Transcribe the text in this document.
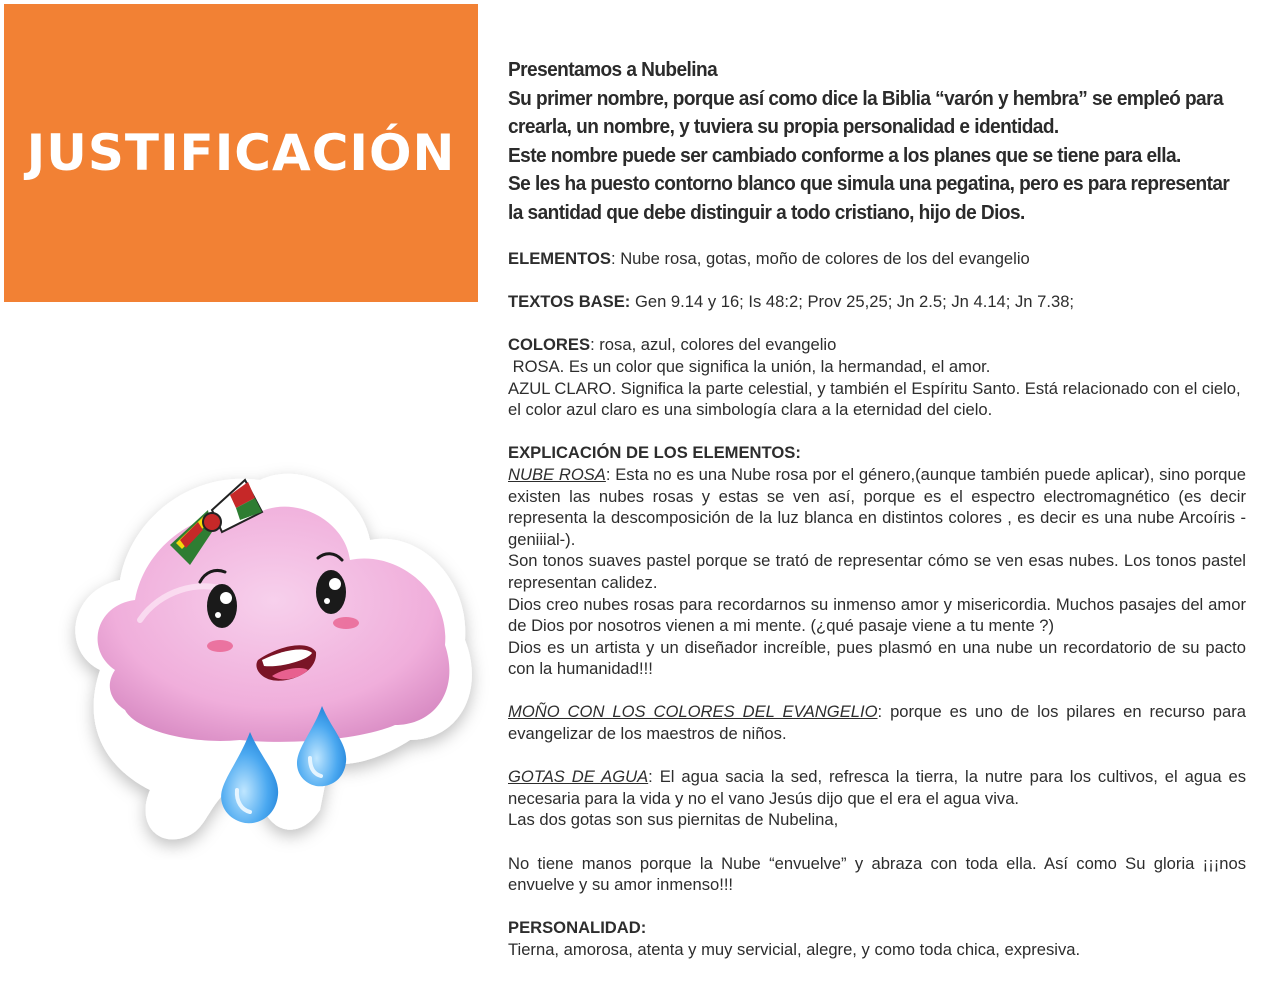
JUSTIFICACIÓN

Presentamos a Nubelina

Su primer nombre, porque así como dice la Biblia “varón y hembra” se empleó para

crearla, un nombre, y tuviera su propia personalidad e identidad.

Este nombre puede ser cambiado conforme a los planes que se tiene para ella.

Se les ha puesto contorno blanco que simula una pegatina, pero es para representar

la santidad que debe distinguir a todo cristiano, hijo de Dios.

ELEMENTOS: Nube rosa, gotas, moño de colores de los del evangelio

TEXTOS BASE: Gen 9.14 y 16; Is 48:2; Prov 25,25; Jn 2.5; Jn 4.14; Jn 7.38;

COLORES: rosa, azul, colores del evangelio

ROSA. Es un color que significa la unión, la hermandad, el amor.

AZUL CLARO. Significa la parte celestial, y también el Espíritu Santo. Está relacionado con el cielo, el color azul claro es una simbología clara a la eternidad del cielo.

EXPLICACIÓN DE LOS ELEMENTOS:

NUBE ROSA: Esta no es una Nube rosa por el género,(aunque también puede aplicar), sino porque existen las nubes rosas y estas se ven así, porque es el espectro electromagnético (es decir representa la descomposición de la luz blanca en distintos colores , es decir es una nube Arcoíris -geniiial-).

Son tonos suaves pastel porque se trató de representar cómo se ven esas nubes. Los tonos pastel representan calidez.

Dios creo nubes rosas para recordarnos su inmenso amor y misericordia. Muchos pasajes del amor de Dios por nosotros vienen a mi mente. (¿qué pasaje viene a tu mente ?)

Dios es un artista y un diseñador increíble, pues plasmó en una nube un recordatorio de su pacto con la humanidad!!!

MOÑO CON LOS COLORES DEL EVANGELIO: porque es uno de los pilares en recurso para evangelizar de los maestros de niños.

GOTAS DE AGUA: El agua sacia la sed, refresca la tierra, la nutre para los cultivos, el agua es necesaria para la vida y no el vano Jesús dijo que el era el agua viva.

Las dos gotas son sus piernitas de Nubelina,

No tiene manos porque la Nube “envuelve” y abraza con toda ella. Así como Su gloria ¡¡¡nos envuelve y su amor inmenso!!!

PERSONALIDAD:

Tierna, amorosa, atenta y muy servicial, alegre, y como toda chica, expresiva.
